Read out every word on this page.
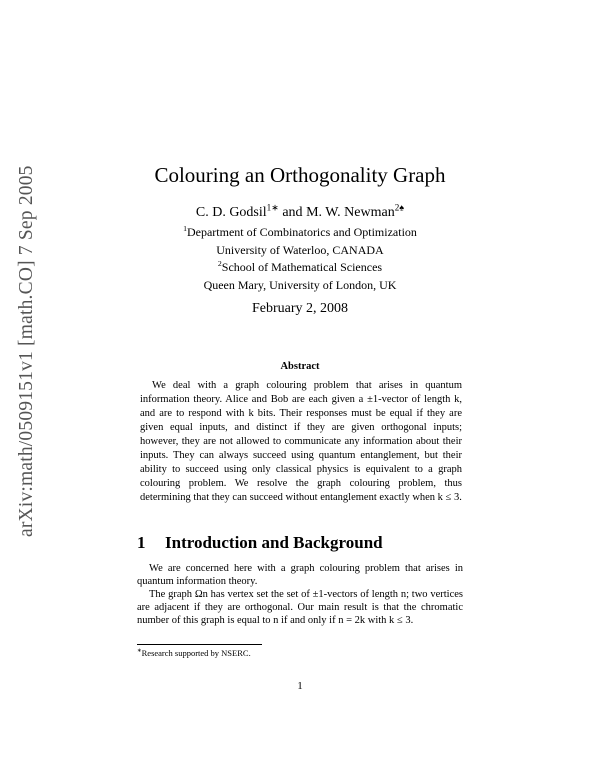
arXiv:math/0509151v1 [math.CO] 7 Sep 2005	Colouring an Orthogonality Graph
C. D. Godsil$^{1∗}$ and M. W. Newman$^{2♠}$
$^1$Department of Combinatorics and Optimization
University of Waterloo, CANADA
$^2$School of Mathematical Sciences
Queen Mary, University of London, UK
February 2, 2008
Abstract
We deal with a graph colouring problem that arises in quantum information theory. Alice and Bob are each given a ±1-vector of length k, and are to respond with k bits. Their responses must be equal if they are given equal inputs, and distinct if they are given orthogonal inputs; however, they are not allowed to communicate any information about their inputs. They can always succeed using quantum entanglement, but their ability to succeed using only classical physics is equivalent to a graph colouring problem. We resolve the graph colouring problem, thus determining that they can succeed without entanglement exactly when k ≤ 3.
1 Introduction and Background
We are concerned here with a graph colouring problem that arises in quantum information theory.
The graph Ωn has vertex set the set of ±1-vectors of length n; two vertices are adjacent if they are orthogonal. Our main result is that the chromatic number of this graph is equal to n if and only if n = 2k with k ≤ 3.
∗Research supported by NSERC.
1
